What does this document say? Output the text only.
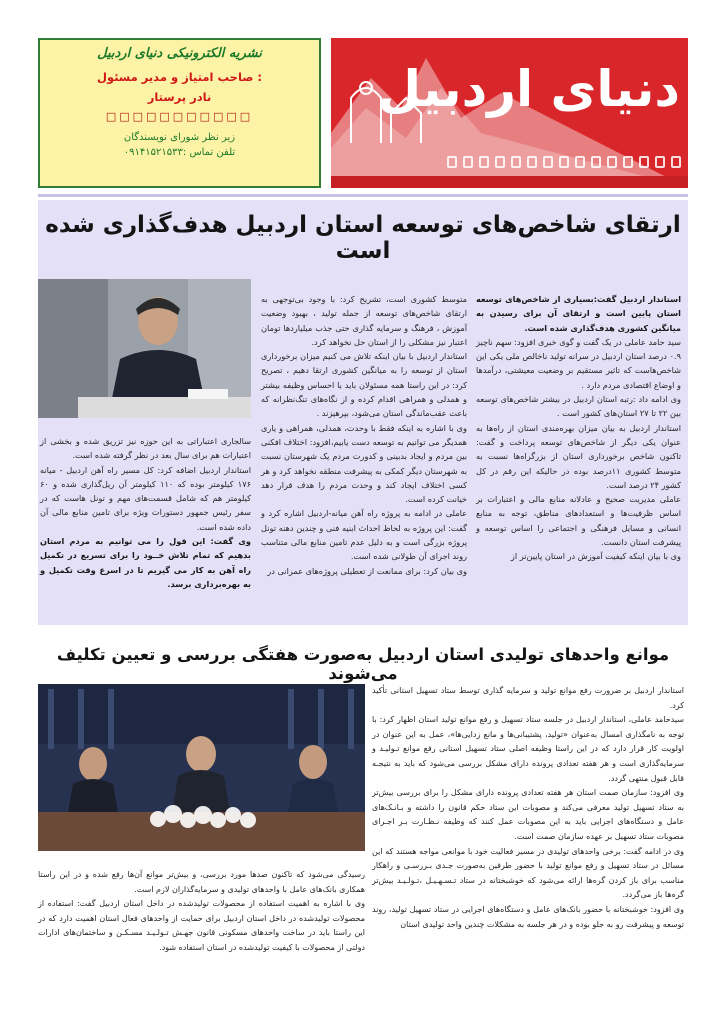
نشریه الکترونیکی دنیای اردبیل
صاحب امتیاز و مدیر مسئول :
نادر پرستار
□□□□□□□□□□□
زیر نظر شورای نویسندگان
تلفن تماس :۰۹۱۴۱۵۲۱۵۳۳
دنیای اردبیل
ارتقای شاخص‌های توسعه استان اردبیل هدف‌گذاری شده است

استاندار اردبیل گفت:بسیاری از شاخص‌های توسعه استان پایین است و ارتقای آن برای رسیدن به میانگین کشوری هدف‌گذاری شده است.

سید حامد عاملی در یک گفت و گوی خبری افزود: سهم ناچیز ۰.۹ درصد استان اردبیل در سرانه تولید ناخالص ملی یکی این شاخص‌هاست که تاثیر مستقیم بر وضعیت معیشتی، درآمدها و اوضاع اقتصادی مردم دارد .

وی ادامه داد :رتبه استان اردبیل در بیشتر شاخص‌های توسعه بین ۲۲ تا ۲۷ استان‌های کشور است .

استاندار اردبیل به بیان میزان بهره‌مندی استان از راه‌ها به عنوان یکی دیگر از شاخص‌های توسعه پرداخت و گفت: تاکنون شاخص برخورداری استان از بزرگراه‌ها نسبت به متوسط کشوری ۱۱درصد بوده در حالیکه این رقم در کل کشور ۲۴ درصد است.

عاملی مدیریت صحیح و عادلانه منابع مالی و اعتبارات بر اساس ظرفیت‌ها و استعدادهای مناطق، توجه به منابع انسانی و مسایل فرهنگی و اجتماعی را اساس توسعه و پیشرفت استان دانست.

وی با بیان اینکه کیفیت آموزش در استان پایین‌تر از

متوسط کشوری است، تشریح کرد: با وجود بی‌توجهی به ارتقای شاخص‌های توسعه از جمله تولید ، بهبود وضعیت آموزش ، فرهنگ و سرمایه گذاری حتی جذب میلیاردها تومان اعتبار نیز مشکلی را از استان حل نخواهد کرد.

استاندار اردبیل با بیان اینکه تلاش می کنیم میزان برخورداری استان از توسعه را به میانگین کشوری ارتقا دهیم ، تصریح کرد: در این راستا همه مسئولان باید با احساس وظیفه بیشتر و همدلی و همراهی اقدام کرده و از نگاه‌های تنگ‌نظرانه که باعث عقب‌ماندگی استان می‌شود، بپرهیزند .

وی با اشاره به اینکه فقط با وحدت، همدلی، همراهی و یاری همدیگر می توانیم به توسعه دست یابیم،افزود: اختلاف افکنی بین مردم و ایجاد بدبینی و کدورت مردم یک شهرستان نسبت به شهرستان دیگر کمکی به پیشرفت منطقه نخواهد کرد و هر کسی اختلاف ایجاد کند و وحدت مردم را هدف قرار دهد خیانت کرده است.

عاملی در ادامه به پروژه راه آهن میانه-اردبیل اشاره کرد و گفت: این پروژه به لحاظ احداث ابنیه فنی و چندین دهنه تونل پروژه بزرگی است و به دلیل عدم تامین منابع مالی متناسب روند اجرای آن طولانی شده است.

وی بیان کرد: برای ممانعت از تعطیلی پروژه‌های عمرانی در

سالجاری اعتباراتی به این حوزه نیز تزریق شده و بخشی از اعتبارات هم برای سال بعد در نظر گرفته شده است.

استاندار اردبیل اضافه کرد: کل مسیر راه آهن اردبیل - میانه ۱۷۶ کیلومتر بوده که ۱۱۰ کیلومتر آن ریل‌گذاری شده و ۶۰ کیلومتر هم که شامل قسمت‌های مهم و تونل هاست که در سفر رئیس جمهور دستورات ویژه برای تامین منابع مالی آن داده شده است.

وی گفت: این قول را می توانیم به مردم استان بدهیم که تمام تلاش خــود را برای تسریع در تکمیل راه آهن به کار می گیریم تا در اسرع وقت تکمیل و به بهره‌برداری برسد.

موانع واحدهای تولیدی استان اردبیل به‌صورت هفتگی بررسی و تعیین تکلیف می‌شوند

استاندار اردبیل بر ضرورت رفع موانع تولید و سرمایه گذاری توسط ستاد تسهیل استانی تأکید کرد.

سیدحامد عاملی، استاندار اردبیل در جلسه ستاد تسهیل و رفع موانع تولید استان اظهار کرد: با توجه به نامگذاری امسال به‌عنوان «تولید، پشتیبانی‌ها و مانع زدایی‌ها»، عمل به این عنوان در اولویت کار قرار دارد که در این راستا وظیفه اصلی ستاد تسهیل استانی رفع موانع تـولیـد و سرمایه‌گذاری است و هر هفته تعدادی پرونده دارای مشکل بررسی می‌شود که باید به نتیجـه قابل قبول منتهی گردد.

وی افزود: سازمان صمت استان هر هفته تعدادی پرونده دارای مشکل را برای بررسی بیش‌تر به ستاد تسهیل تولید معرفی می‌کند و مصوبات این ستاد حکم قانون را داشته و بـانـک‌های عامل و دستگاه‌های اجرایی باید به این مصوبات عمل کنند که وظیفه نـظـارت بـر اجـرای مصوبات ستاد تسهیل بر عهده سازمان صمت است.

وی در ادامه گفت: برخی واحدهای تولیدی در مسیر فعالیت خود با موانعی مواجه هستند که این مسائل در ستاد تسهیل و رفع موانع تولید با حضور طرفین به‌صورت جـدی بـررسـی و راهکار مناسب برای باز کردن گره‌ها ارائه می‌شود که خوشبختانه در ستاد تـسـهـیـل ،تـولـیـد بیش‌تر گره‌ها باز می‌گردد.

وی افزود: خوشبختانه با حضور بانک‌های عامل و دستگاه‌های اجرایی در ستاد تسهیل تولید، روند توسعه و پیشرفت رو به جلو بوده و در هر جلسه به مشکلات چندین واحد تولیدی استان

رسیدگی می‌شود که تاکنون صدها مورد بررسی، و بیش‌تر موانع آن‌ها رفع شده و در این راستا همکاری بانک‌های عامل با واحدهای تولیدی و سرمایه‌گذاران لازم است.

وی با اشاره به اهمیت استفاده از محصولات تولیدشده در داخل استان اردبیل گفت: استفاده از محصولات تولیدشده در داخل استان اردبیل برای حمایت از واحدهای فعال استان اهمیت دارد که در این راستا باید در ساخت واحدهای مسکونی قانون جهـش تـولـیـد مسـکـن و ساختمان‌های ادارات دولتی از محصولات با کیفیت تولیدشده در استان استفاده شود.
